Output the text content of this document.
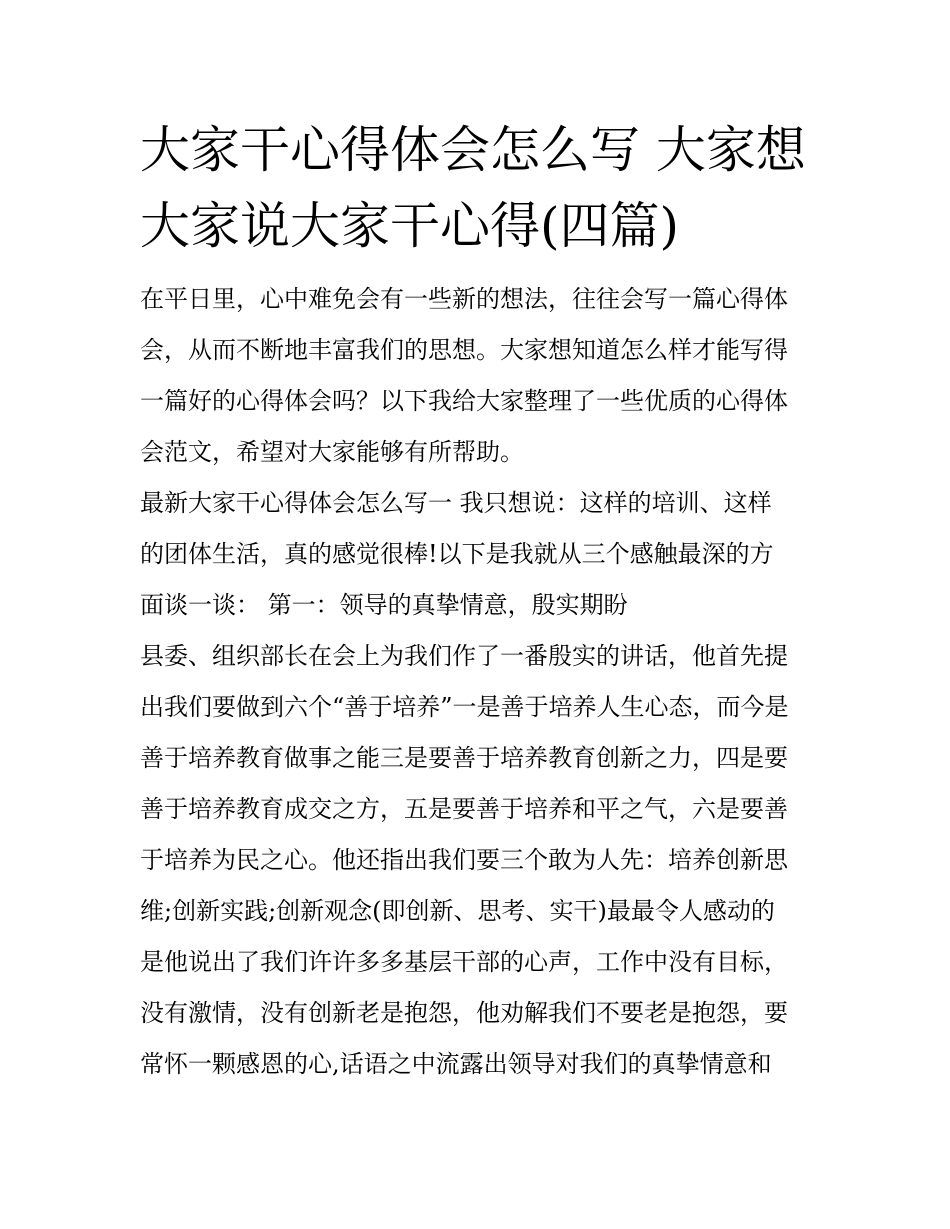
大家干心得体会怎么写 大家想
大家说大家干心得(四篇)

在平日里，心中难免会有一些新的想法，往往会写一篇心得体
会，从而不断地丰富我们的思想。大家想知道怎么样才能写得
一篇好的心得体会吗？以下我给大家整理了一些优质的心得体
会范文，希望对大家能够有所帮助。

最新大家干心得体会怎么写一 我只想说：这样的培训、这样
的团体生活，真的感觉很棒!以下是我就从三个感触最深的方
面谈一谈： 第一：领导的真挚情意，殷实期盼

县委、组织部长在会上为我们作了一番殷实的讲话，他首先提
出我们要做到六个“善于培养”一是善于培养人生心态，而今是
善于培养教育做事之能三是要善于培养教育创新之力，四是要
善于培养教育成交之方，五是要善于培养和平之气，六是要善
于培养为民之心。他还指出我们要三个敢为人先：培养创新思
维;创新实践;创新观念(即创新、思考、实干)最最令人感动的
是他说出了我们许许多多基层干部的心声，工作中没有目标，
没有激情，没有创新老是抱怨，他劝解我们不要老是抱怨，要
常怀一颗感恩的心,话语之中流露出领导对我们的真挚情意和
